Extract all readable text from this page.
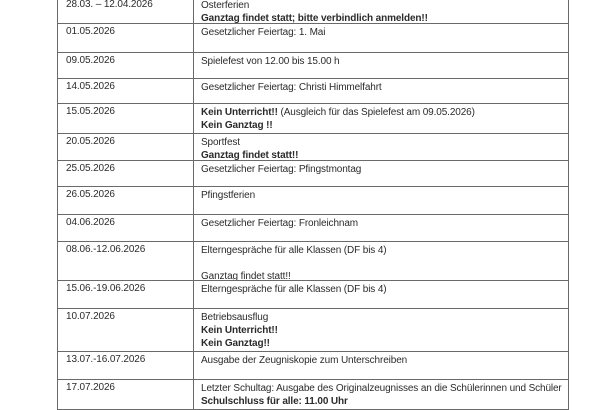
28.03. – 12.04.2026	Osterferien
Ganztag findet statt; bitte verbindlich anmelden!!
01.05.2026	Gesetzlicher Feiertag: 1. Mai
09.05.2026	Spielefest von 12.00 bis 15.00 h
14.05.2026	Gesetzlicher Feiertag: Christi Himmelfahrt
15.05.2026	Kein Unterricht!! (Ausgleich für das Spielefest am 09.05.2026)
Kein Ganztag !!
20.05.2026	Sportfest
Ganztag findet statt!!
25.05.2026	Gesetzlicher Feiertag: Pfingstmontag
26.05.2026	Pfingstferien
04.06.2026	Gesetzlicher Feiertag: Fronleichnam
08.06.-12.06.2026	Elterngespräche für alle Klassen (DF bis 4)
Ganztag findet statt!!
15.06.-19.06.2026	Elterngespräche für alle Klassen (DF bis 4)
10.07.2026	Betriebsausflug
Kein Unterricht!!
Kein Ganztag!!
13.07.-16.07.2026	Ausgabe der Zeugniskopie zum Unterschreiben
17.07.2026	Letzter Schultag: Ausgabe des Originalzeugnisses an die Schülerinnen und Schüler
Schulschluss für alle: 11.00 Uhr
